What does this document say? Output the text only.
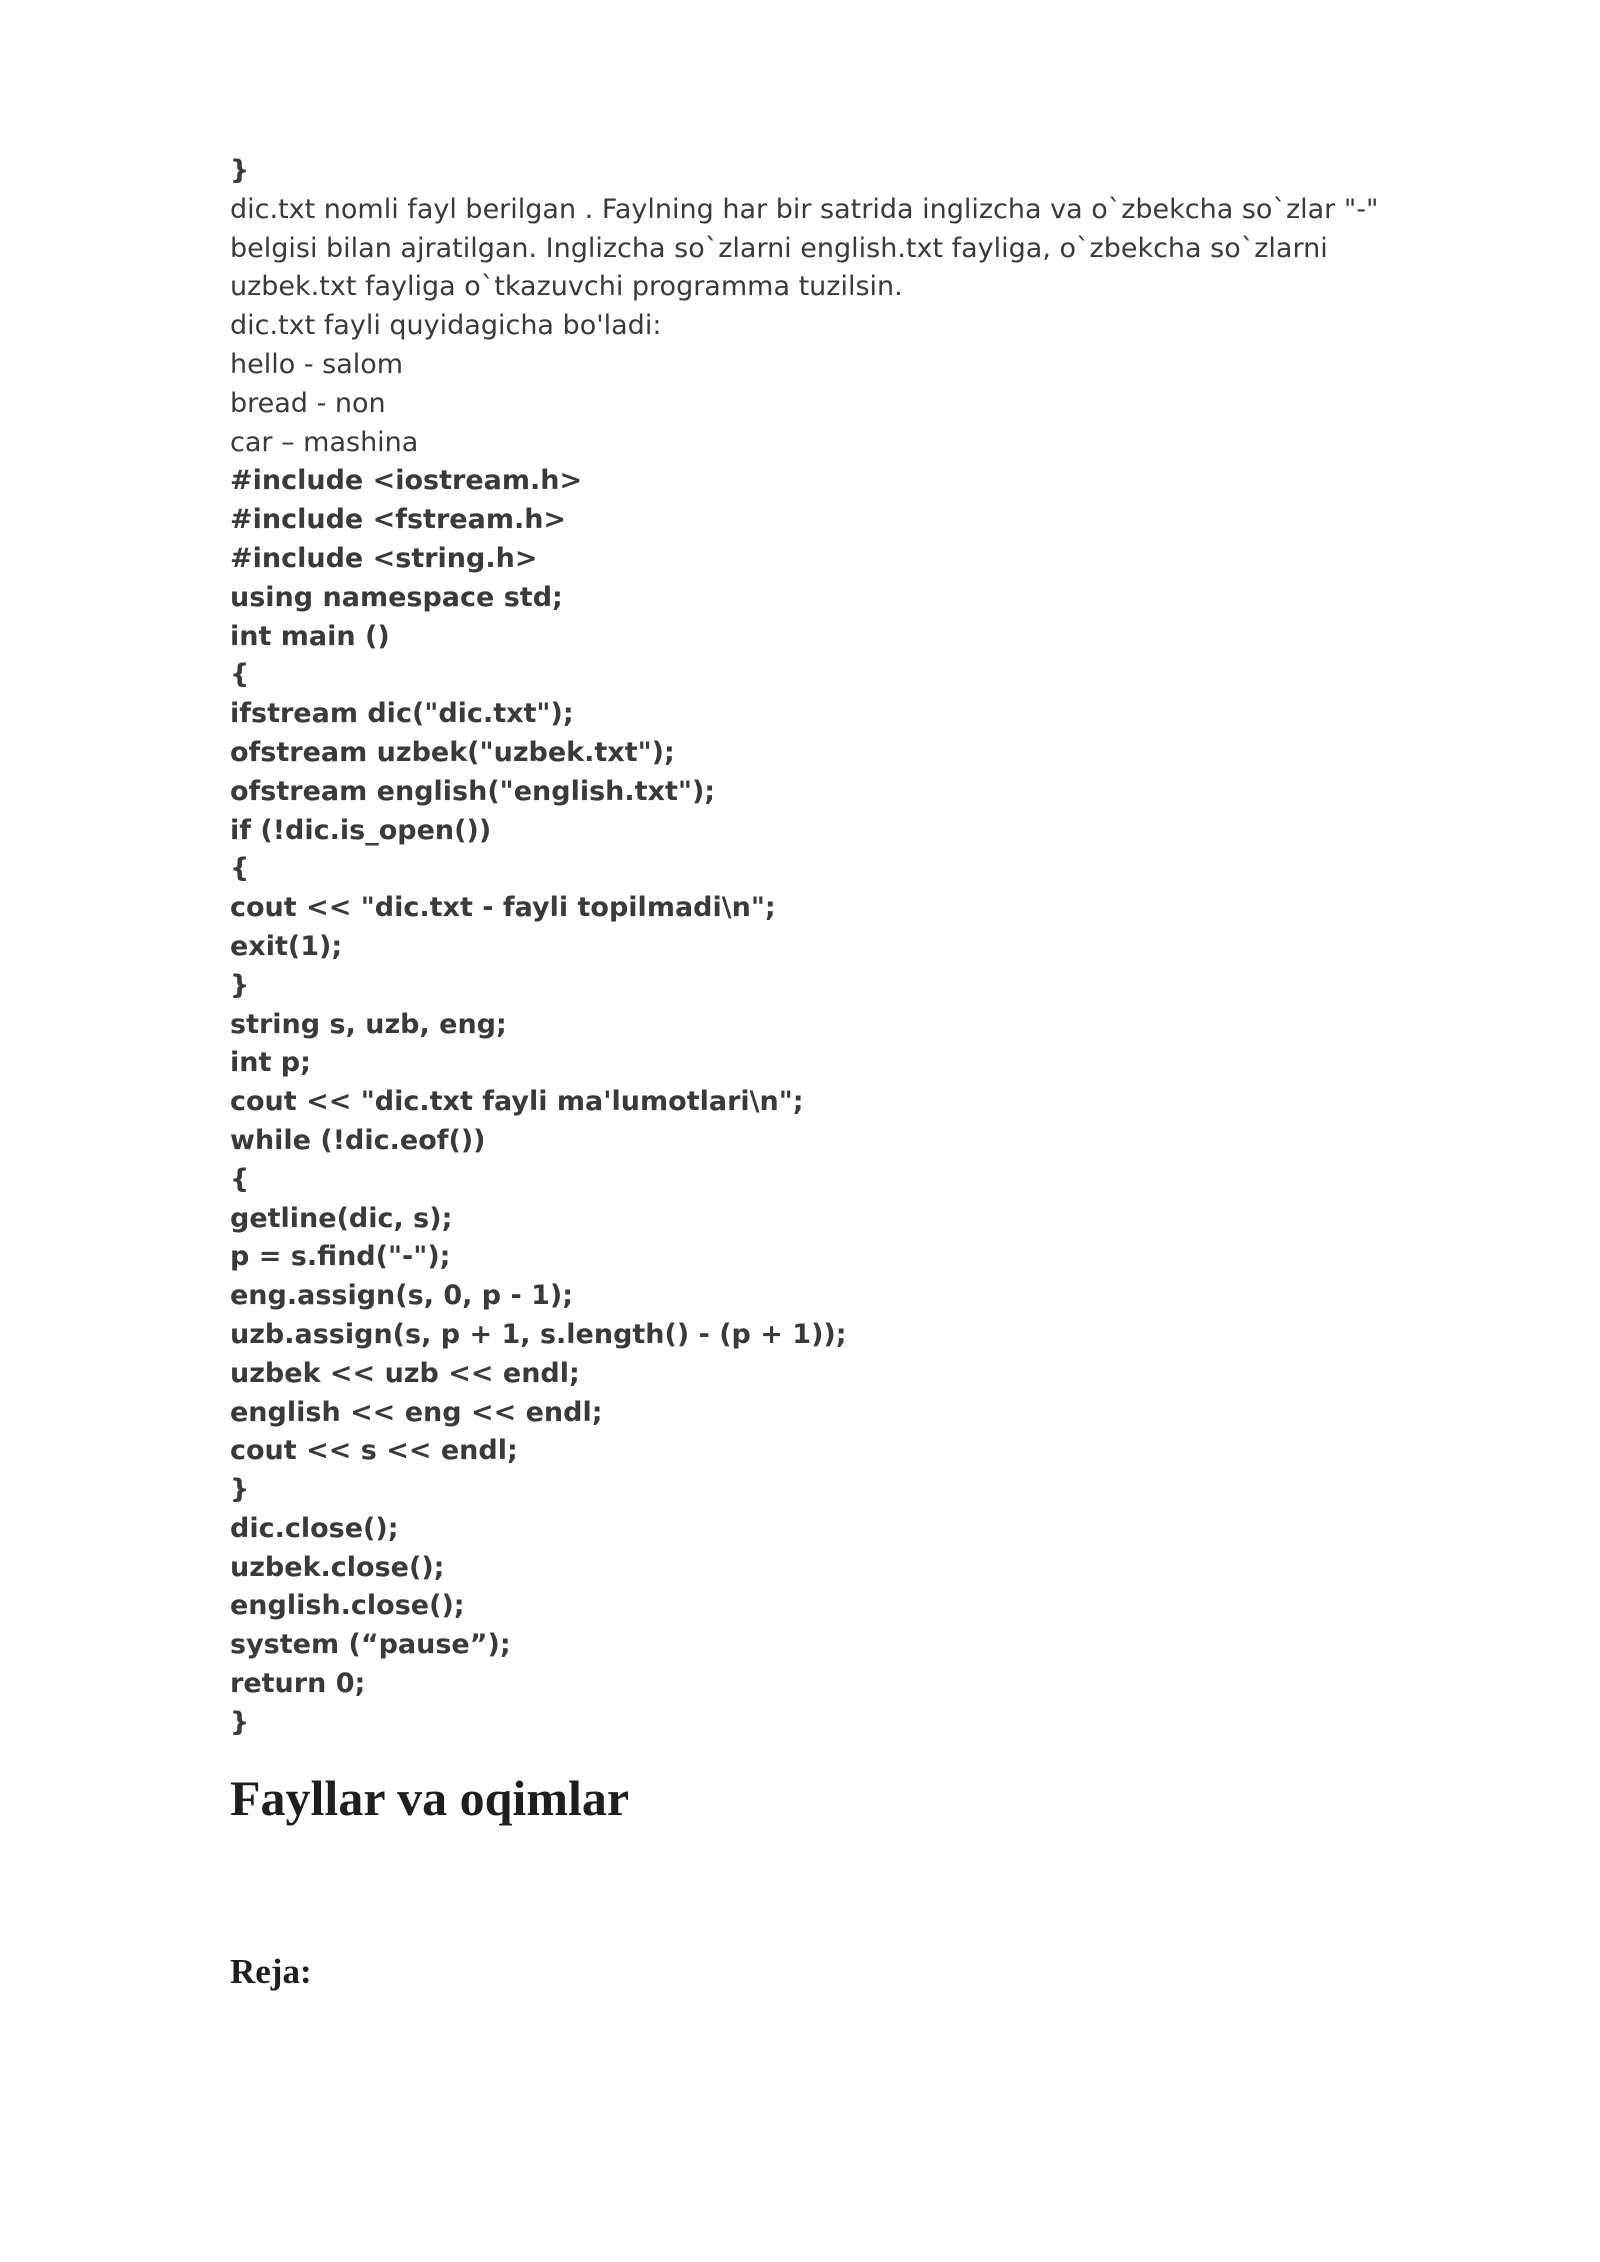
}

dic.txt nomli fayl berilgan . Faylning har bir satrida inglizcha va o`zbekcha so`zlar "-" belgisi bilan ajratilgan. Inglizcha so`zlarni english.txt fayliga, o`zbekcha so`zlarni uzbek.txt fayliga o`tkazuvchi programma tuzilsin.

dic.txt fayli quyidagicha bo'ladi:

hello - salom

bread - non

car – mashina

#include <iostream.h>

#include <fstream.h>

#include <string.h>

using namespace std;

int main ()

{

ifstream dic("dic.txt");

ofstream uzbek("uzbek.txt");

ofstream english("english.txt");

if (!dic.is_open())

{

cout << "dic.txt - fayli topilmadi\n";

exit(1);

}

string s, uzb, eng;

int p;

cout << "dic.txt fayli ma'lumotlari\n";

while (!dic.eof())

{

getline(dic, s);

p = s.find("-");

eng.assign(s, 0, p - 1);

uzb.assign(s, p + 1, s.length() - (p + 1));

uzbek << uzb << endl;

english << eng << endl;

cout << s << endl;

}

dic.close();

uzbek.close();

english.close();

system (“pause”);

return 0;

}

Fayllar va oqimlar
Reja:
